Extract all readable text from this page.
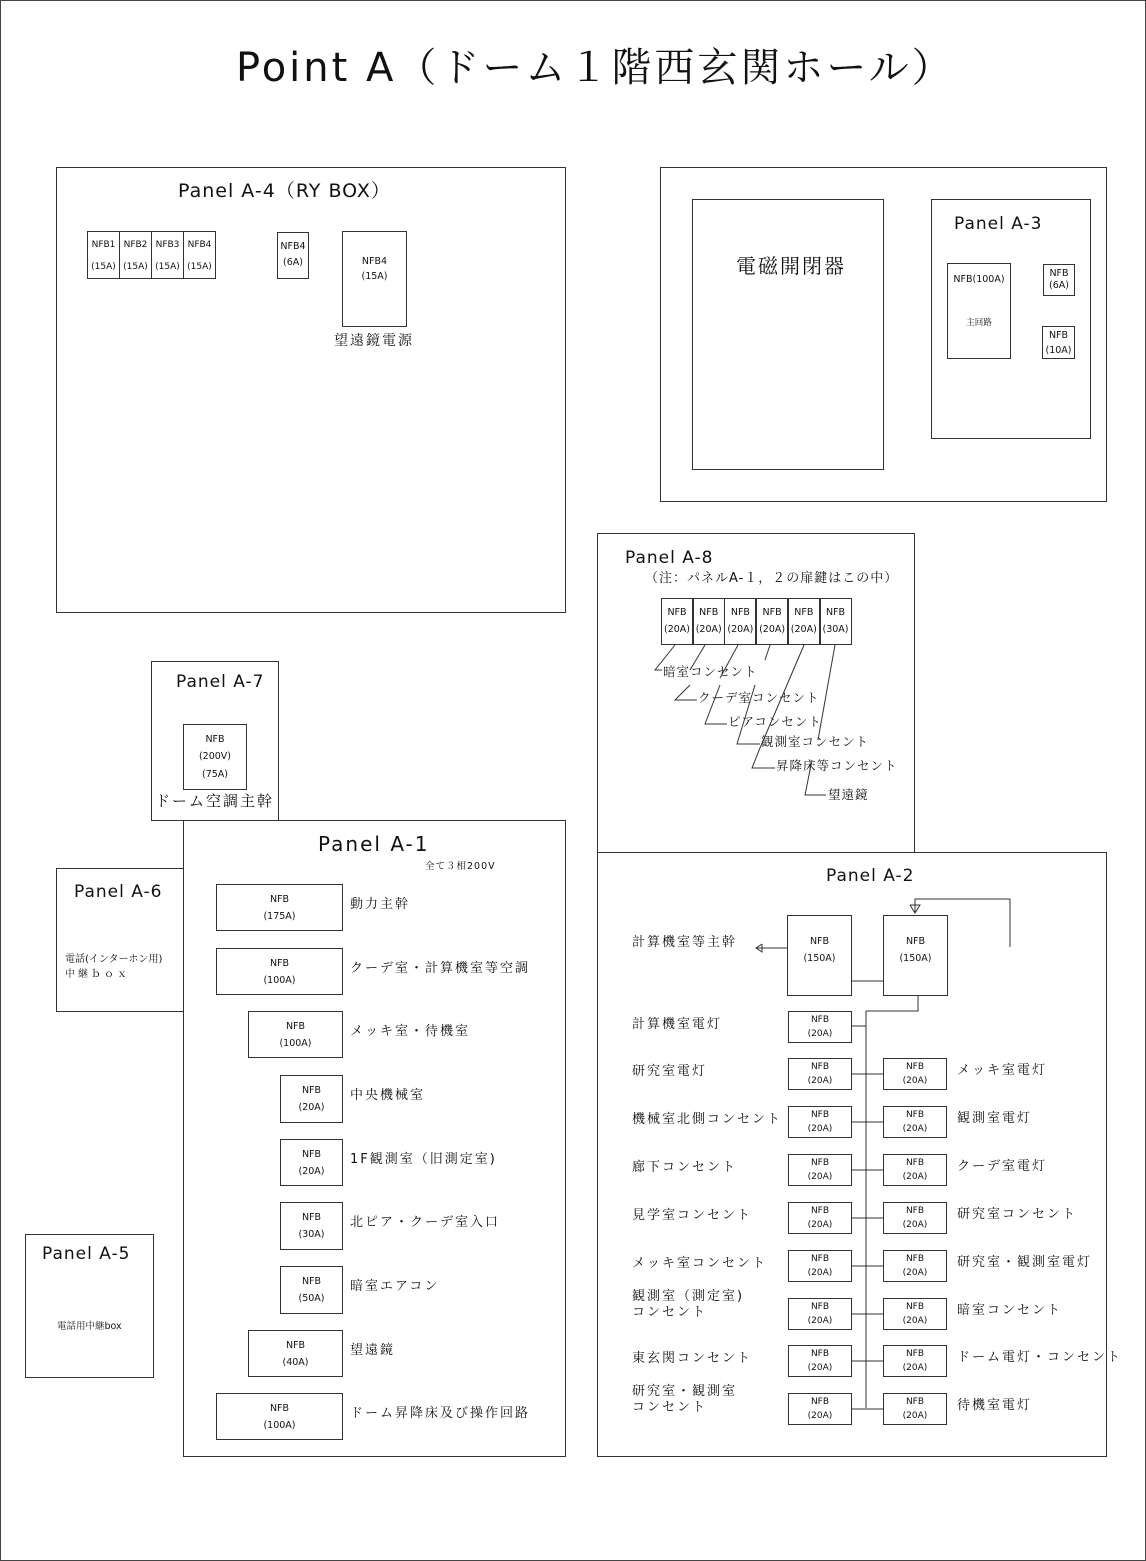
Point A（ドーム１階西玄関ホール）
Panel A-4（RY BOX）
NFB1
(15A)
NFB2
(15A)
NFB3
(15A)
NFB4
(15A)
NFB4
(6A)	NFB4
(15A)
望遠鏡電源
電磁開閉器
Panel A-3
NFB(100A)
主回路
NFB
(6A)
NFB
(10A)
Panel A-8
（注：パネルA-１，２の扉鍵はこの中）
NFB
(20A)
NFB
(20A)
NFB
(20A)
NFB
(20A)
NFB
(20A)
NFB
(30A)
暗室コンセント
クーデ室コンセント
ピアコンセント
観測室コンセント
昇降床等コンセント
望遠鏡
Panel A-7
NFB
(200V)
(75A)
ドーム空調主幹
Panel A-6
電話(インターホン用)
中継ｂｏｘ
Panel A-5
電話用中継box
Panel A-1
全て３相200V
NFB
(175A)
動力主幹
NFB
(100A)
クーデ室・計算機室等空調
NFB
(100A)
メッキ室・待機室
NFB
(20A)
中央機械室
NFB
(20A)
1F観測室（旧測定室)
NFB
(30A)
北ピア・クーデ室入口
NFB
(50A)
暗室エアコン
NFB
(40A)
望遠鏡
NFB
(100A)
ドーム昇降床及び操作回路
Panel A-2
計算機室等主幹	NFB
(150A)
NFB
(150A)
NFB
(20A)
計算機室電灯
NFB
(20A)
研究室電灯
NFB
(20A)
機械室北側コンセント
NFB
(20A)
廊下コンセント
NFB
(20A)
見学室コンセント
NFB
(20A)
メッキ室コンセント
NFB
(20A)
観測室（測定室)
コンセント
NFB
(20A)
東玄関コンセント
NFB
(20A)
研究室・観測室
コンセント
NFB
(20A)
メッキ室電灯
NFB
(20A)
観測室電灯
NFB
(20A)
クーデ室電灯
NFB
(20A)
研究室コンセント
NFB
(20A)
研究室・観測室電灯
NFB
(20A)
暗室コンセント
NFB
(20A)
ドーム電灯・コンセント
NFB
(20A)
待機室電灯
